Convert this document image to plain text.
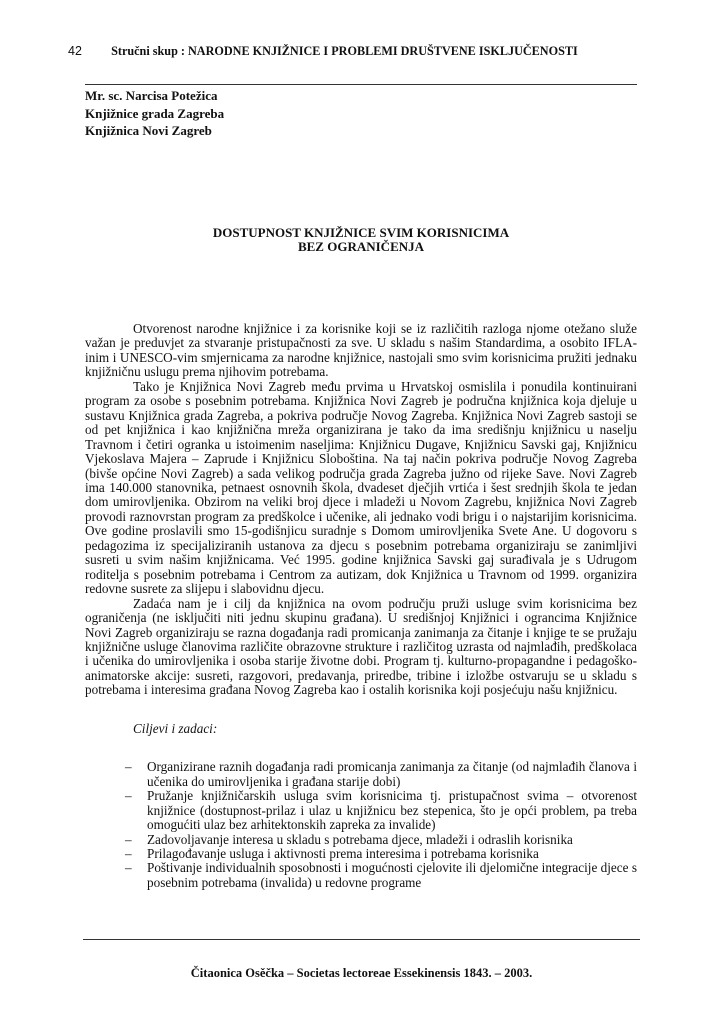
42 Stručni skup : NARODNE KNJIŽNICE I PROBLEMI DRUŠTVENE ISKLJUČENOSTI
Mr. sc. Narcisa Potežica
Knjižnice grada Zagreba
Knjižnica Novi Zagreb
DOSTUPNOST KNJIŽNICE SVIM KORISNICIMA
BEZ OGRANIČENJA

Otvorenost narodne knjižnice i za korisnike koji se iz različitih razloga njome otežano služe važan je preduvjet za stvaranje pristupačnosti za sve. U skladu s našim Standardima, a osobito IFLA-inim i UNESCO-vim smjernicama za narodne knjižnice, nastojali smo svim korisnicima pružiti jednaku knjižničnu uslugu prema njihovim potrebama.

Tako je Knjižnica Novi Zagreb među prvima u Hrvatskoj osmislila i ponudila kontinuirani program za osobe s posebnim potrebama. Knjižnica Novi Zagreb je područna knjižnica koja djeluje u sustavu Knjižnica grada Zagreba, a pokriva područje Novog Zagreba. Knjižnica Novi Zagreb sastoji se od pet knjižnica i kao knjižnična mreža organizirana je tako da ima središnju knjižnicu u naselju Travnom i četiri ogranka u istoimenim naseljima: Knjižnicu Dugave, Knjižnicu Savski gaj, Knjižnicu Vjekoslava Majera – Zaprude i Knjižnicu Sloboština. Na taj način pokriva područje Novog Zagreba (bivše općine Novi Zagreb) a sada velikog područja grada Zagreba južno od rijeke Save. Novi Zagreb ima 140.000 stanovnika, petnaest osnovnih škola, dvadeset dječjih vrtića i šest srednjih škola te jedan dom umirovljenika. Obzirom na veliki broj djece i mladeži u Novom Zagrebu, knjižnica Novi Zagreb provodi raznovrstan program za predškolce i učenike, ali jednako vodi brigu i o najstarijim korisnicima. Ove godine proslavili smo 15-godišnjicu suradnje s Domom umirovljenika Svete Ane. U dogovoru s pedagozima iz specijaliziranih ustanova za djecu s posebnim potrebama organiziraju se zanimljivi susreti u svim našim knjižnicama. Već 1995. godine knjižnica Savski gaj surađivala je s Udrugom roditelja s posebnim potrebama i Centrom za autizam, dok Knjižnica u Travnom od 1999. organizira redovne susrete za slijepu i slabovidnu djecu.

Zadaća nam je i cilj da knjižnica na ovom području pruži usluge svim korisnicima bez ograničenja (ne isključiti niti jednu skupinu građana). U središnjoj Knjižnici i ograncima Knjižnice Novi Zagreb organiziraju se razna događanja radi promicanja zanimanja za čitanje i knjige te se pružaju knjižnične usluge članovima različite obrazovne strukture i različitog uzrasta od najmlađih, predškolaca i učenika do umirovljenika i osoba starije životne dobi. Program tj. kulturno-propagandne i pedagoško-animatorske akcije: susreti, razgovori, predavanja, priredbe, tribine i izložbe ostvaruju se u skladu s potrebama i interesima građana Novog Zagreba kao i ostalih korisnika koji posjećuju našu knjižnicu.

Ciljevi i zadaci:
– Organizirane raznih događanja radi promicanja zanimanja za čitanje (od najmlađih članova i učenika do umirovljenika i građana starije dobi)
– Pružanje knjižničarskih usluga svim korisnicima tj. pristupačnost svima – otvorenost knjižnice (dostupnost-prilaz i ulaz u knjižnicu bez stepenica, što je opći problem, pa treba omogućiti ulaz bez arhitektonskih zapreka za invalide)
– Zadovoljavanje interesa u skladu s potrebama djece, mladeži i odraslih korisnika
– Prilagođavanje usluga i aktivnosti prema interesima i potrebama korisnika
– Poštivanje individualnih sposobnosti i mogućnosti cjelovite ili djelomične integracije djece s posebnim potrebama (invalida) u redovne programe
Čitaonica Osěčka – Societas lectoreae Essekinensis 1843. – 2003.
